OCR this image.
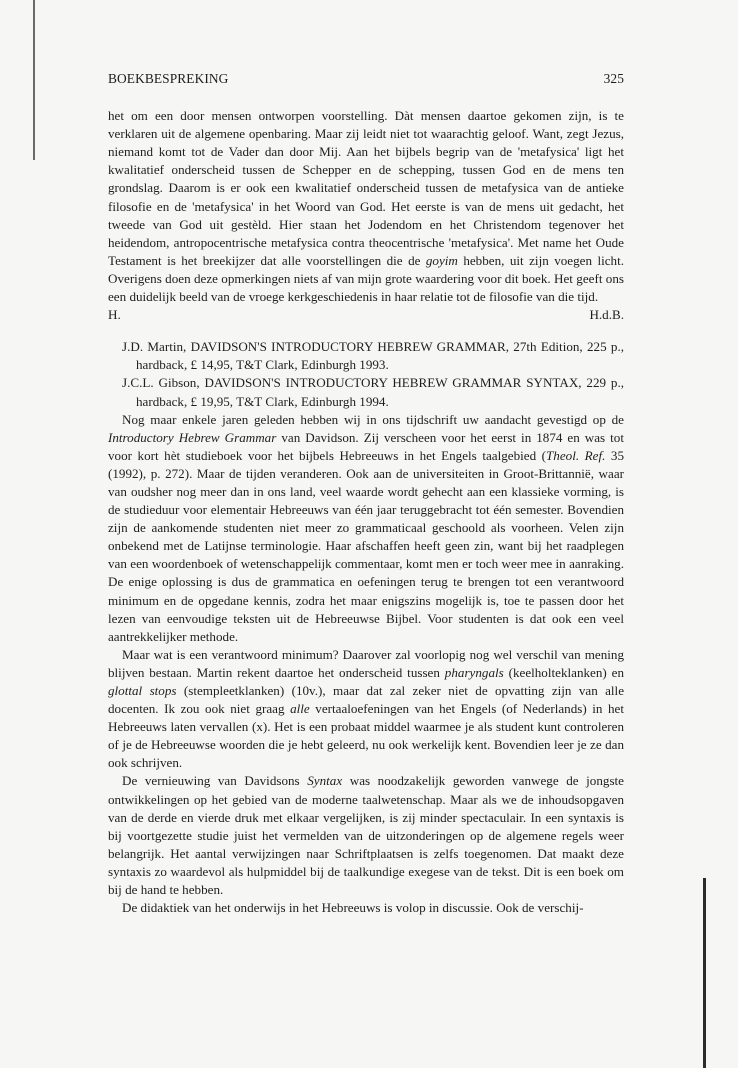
BOEKBESPREKING	325

het om een door mensen ontworpen voorstelling. Dàt mensen daartoe gekomen zijn, is te verklaren uit de algemene openbaring. Maar zij leidt niet tot waarachtig geloof. Want, zegt Jezus, niemand komt tot de Vader dan door Mij. Aan het bijbels begrip van de 'metafysica' ligt het kwalitatief onderscheid tussen de Schepper en de schepping, tussen God en de mens ten grondslag. Daarom is er ook een kwalitatief onderscheid tussen de metafysica van de antieke filosofie en de 'metafysica' in het Woord van God. Het eerste is van de mens uit gedacht, het tweede van God uit gestèld. Hier staan het Jodendom en het Christendom tegenover het heidendom, antropocentrische metafysica contra theocentrische 'metafysica'. Met name het Oude Testament is het breekijzer dat alle voorstellingen die de goyim hebben, uit zijn voegen licht. Overigens doen deze opmerkingen niets af van mijn grote waardering voor dit boek. Het geeft ons een duidelijk beeld van de vroege kerkgeschiedenis in haar relatie tot de filosofie van die tijd.

H.	H.d.B.

J.D. Martin, DAVIDSON'S INTRODUCTORY HEBREW GRAMMAR, 27th Edition, 225 p., hardback, £ 14,95, T&T Clark, Edinburgh 1993.

J.C.L. Gibson, DAVIDSON'S INTRODUCTORY HEBREW GRAMMAR SYNTAX, 229 p., hardback, £ 19,95, T&T Clark, Edinburgh 1994.

Nog maar enkele jaren geleden hebben wij in ons tijdschrift uw aandacht gevestigd op de Introductory Hebrew Grammar van Davidson. Zij verscheen voor het eerst in 1874 en was tot voor kort hèt studieboek voor het bijbels Hebreeuws in het Engels taalgebied (Theol. Ref. 35 (1992), p. 272). Maar de tijden veranderen. Ook aan de universiteiten in Groot-Brittannië, waar van oudsher nog meer dan in ons land, veel waarde wordt gehecht aan een klassieke vorming, is de studieduur voor elementair Hebreeuws van één jaar teruggebracht tot één semester. Bovendien zijn de aankomende studenten niet meer zo grammaticaal geschoold als voorheen. Velen zijn onbekend met de Latijnse terminologie. Haar afschaffen heeft geen zin, want bij het raadplegen van een woordenboek of wetenschappelijk commentaar, komt men er toch weer mee in aanraking. De enige oplossing is dus de grammatica en oefeningen terug te brengen tot een verantwoord minimum en de opgedane kennis, zodra het maar enigszins mogelijk is, toe te passen door het lezen van eenvoudige teksten uit de Hebreeuwse Bijbel. Voor studenten is dat ook een veel aantrekkelijker methode.

Maar wat is een verantwoord minimum? Daarover zal voorlopig nog wel verschil van mening blijven bestaan. Martin rekent daartoe het onderscheid tussen pharyngals (keelholteklanken) en glottal stops (stempleetklanken) (10v.), maar dat zal zeker niet de opvatting zijn van alle docenten. Ik zou ook niet graag alle vertaaloefeningen van het Engels (of Nederlands) in het Hebreeuws laten vervallen (x). Het is een probaat middel waarmee je als student kunt controleren of je de Hebreeuwse woorden die je hebt geleerd, nu ook werkelijk kent. Bovendien leer je ze dan ook schrijven.

De vernieuwing van Davidsons Syntax was noodzakelijk geworden vanwege de jongste ontwikkelingen op het gebied van de moderne taalwetenschap. Maar als we de inhoudsopgaven van de derde en vierde druk met elkaar vergelijken, is zij minder spectaculair. In een syntaxis is bij voortgezette studie juist het vermelden van de uitzonderingen op de algemene regels weer belangrijk. Het aantal verwijzingen naar Schriftplaatsen is zelfs toegenomen. Dat maakt deze syntaxis zo waardevol als hulpmiddel bij de taalkundige exegese van de tekst. Dit is een boek om bij de hand te hebben.

De didaktiek van het onderwijs in het Hebreeuws is volop in discussie. Ook de verschij-
